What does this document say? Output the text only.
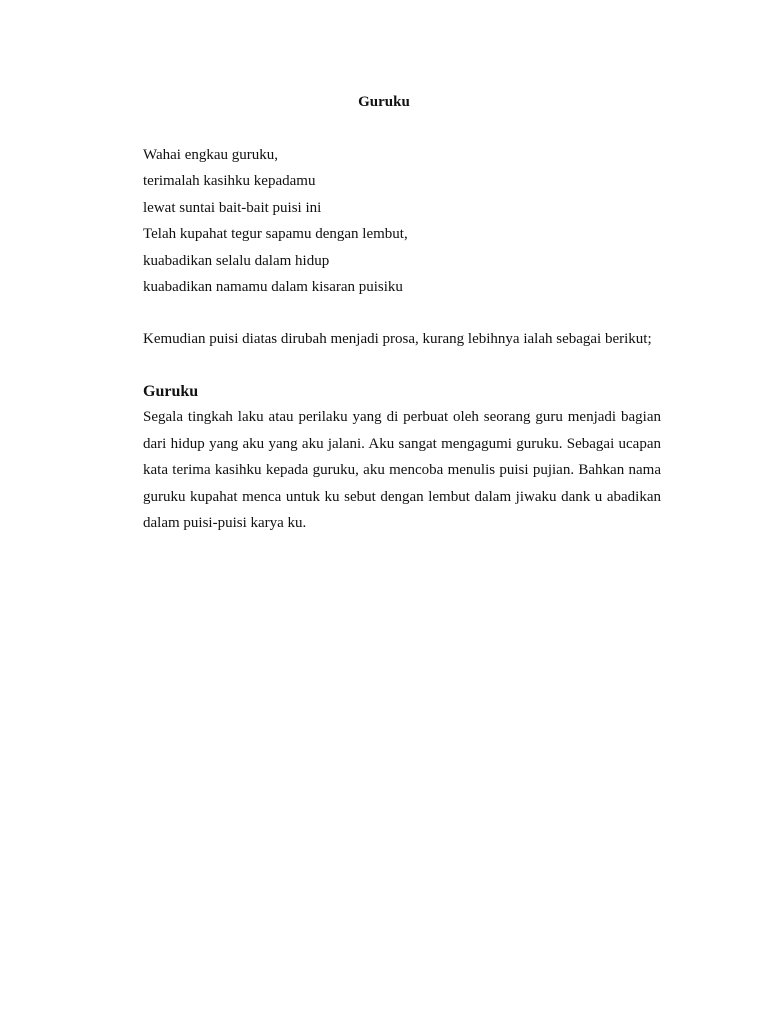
Guruku
Wahai engkau guruku,
terimalah kasihku kepadamu
lewat suntai bait-bait puisi ini
Telah kupahat tegur sapamu dengan lembut,
kuabadikan selalu dalam hidup
kuabadikan namamu dalam kisaran puisiku

Kemudian puisi diatas dirubah menjadi prosa, kurang lebihnya ialah sebagai berikut;

Guruku

Segala tingkah laku atau perilaku yang di perbuat oleh seorang guru menjadi bagian dari hidup yang aku yang aku jalani. Aku sangat mengagumi guruku. Sebagai ucapan kata terima kasihku kepada guruku, aku mencoba menulis puisi pujian. Bahkan nama guruku kupahat menca untuk ku sebut dengan lembut dalam jiwaku dank u abadikan dalam puisi-puisi karya ku.
